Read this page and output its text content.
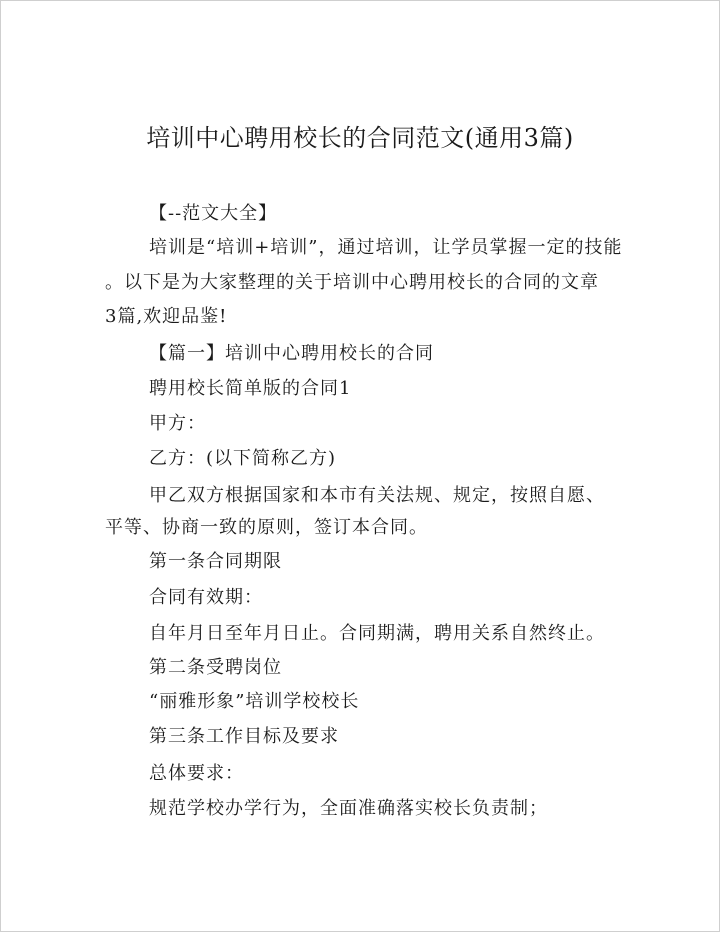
培训中心聘用校长的合同范文(通用3篇)
【--范文大全】
培训是“培训+培训”，通过培训，让学员掌握一定的技能
。以下是为大家整理的关于培训中心聘用校长的合同的文章
3篇,欢迎品鉴!
【篇一】培训中心聘用校长的合同
聘用校长简单版的合同1
甲方：
乙方：(以下简称乙方)
甲乙双方根据国家和本市有关法规、规定，按照自愿、
平等、协商一致的原则，签订本合同。
第一条合同期限
合同有效期：
自年月日至年月日止。合同期满，聘用关系自然终止。
第二条受聘岗位
“丽雅形象”培训学校校长
第三条工作目标及要求
总体要求：
规范学校办学行为，全面准确落实校长负责制；
